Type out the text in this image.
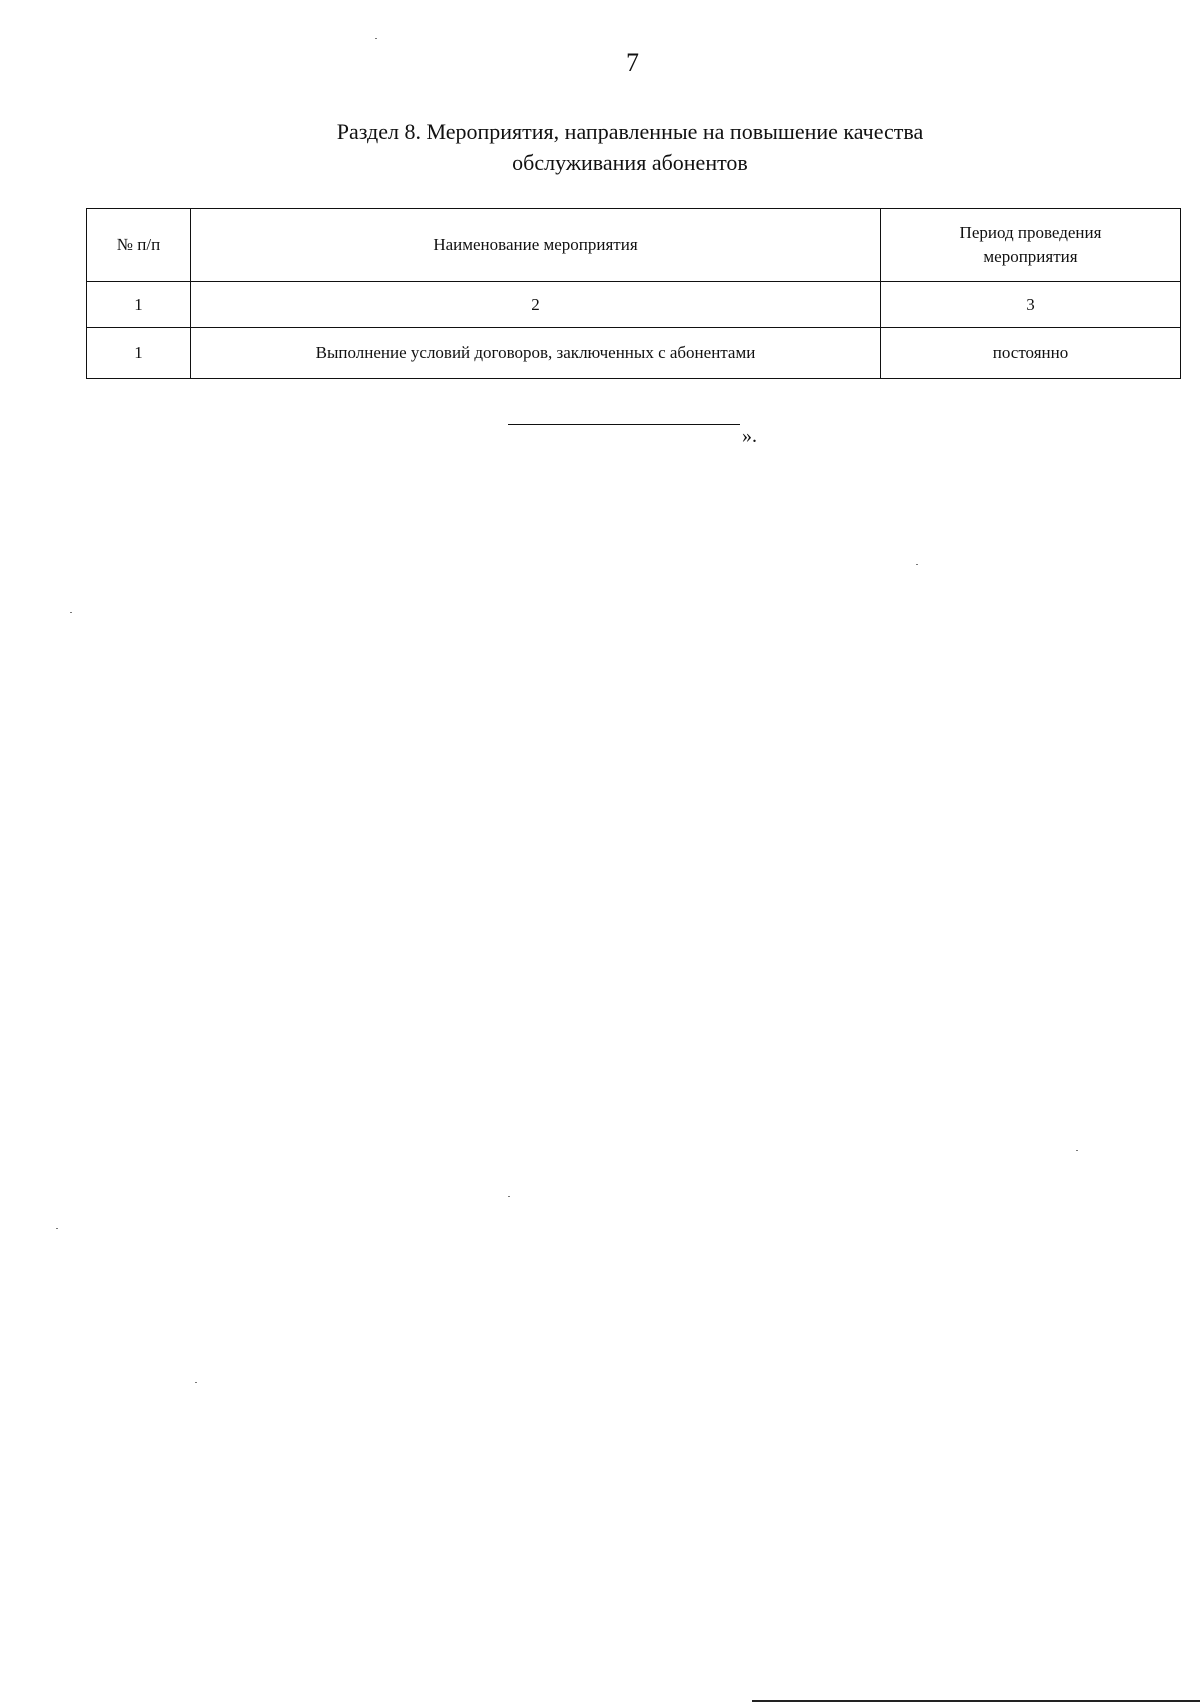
7
Раздел 8. Мероприятия, направленные на повышение качества
обслуживания абонентов
№ п/п	Наименование мероприятия	Период проведения
мероприятия

1	2	3
1	Выполнение условий договоров, заключенных с абонентами	постоянно
».
